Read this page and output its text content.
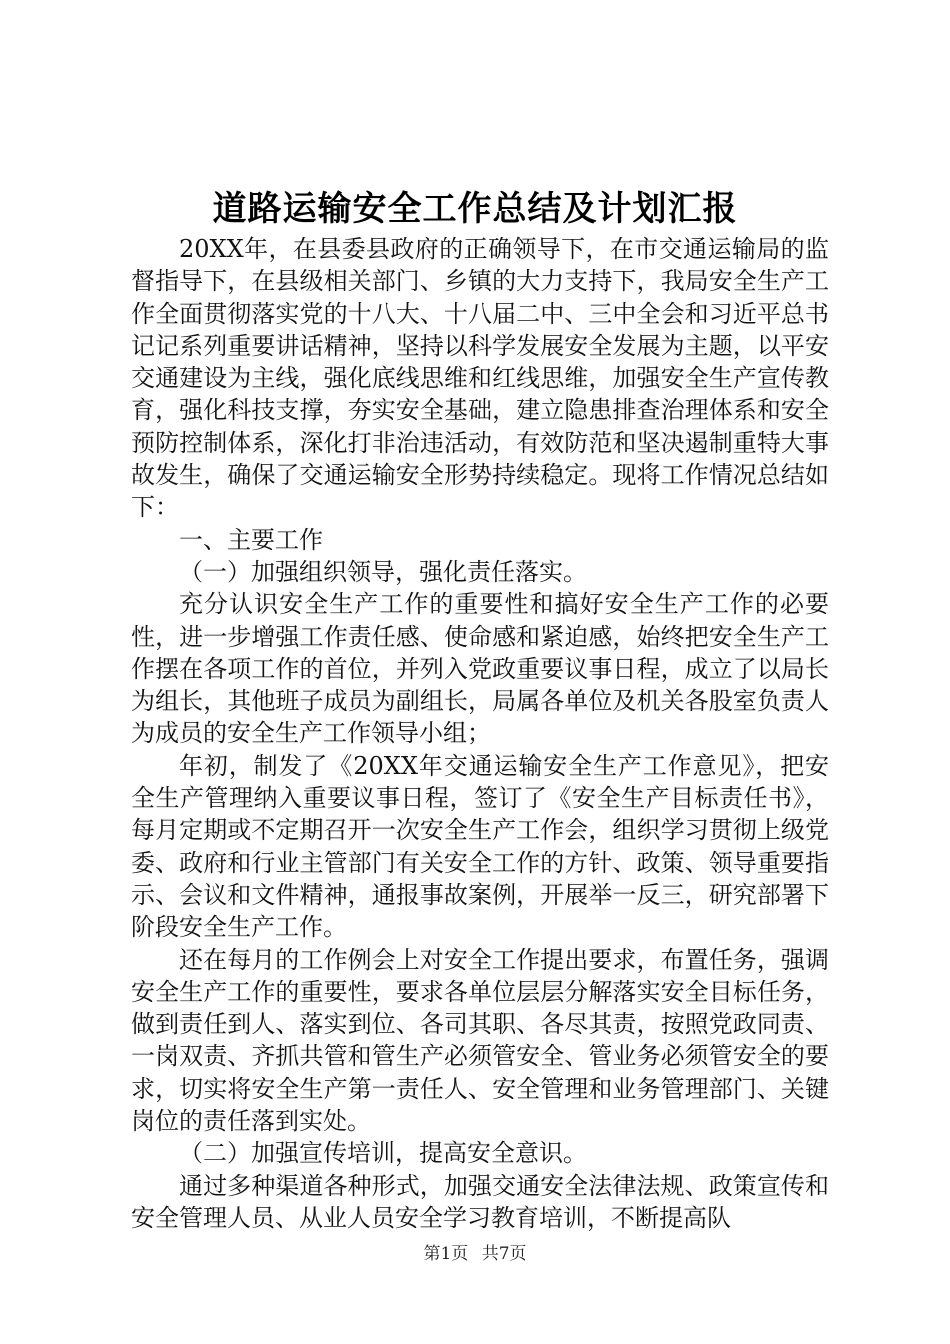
道路运输安全工作总结及计划汇报

20XX年，在县委县政府的正确领导下，在市交通运输局的监督指导下，在县级相关部门、乡镇的大力支持下，我局安全生产工作全面贯彻落实党的十八大、十八届二中、三中全会和习近平总书记记系列重要讲话精神，坚持以科学发展安全发展为主题，以平安交通建设为主线，强化底线思维和红线思维，加强安全生产宣传教育，强化科技支撑，夯实安全基础，建立隐患排查治理体系和安全预防控制体系，深化打非治违活动，有效防范和坚决遏制重特大事故发生，确保了交通运输安全形势持续稳定。现将工作情况总结如下：

一、主要工作

（一）加强组织领导，强化责任落实。

充分认识安全生产工作的重要性和搞好安全生产工作的必要性，进一步增强工作责任感、使命感和紧迫感，始终把安全生产工作摆在各项工作的首位，并列入党政重要议事日程，成立了以局长为组长，其他班子成员为副组长，局属各单位及机关各股室负责人为成员的安全生产工作领导小组；

年初，制发了《20XX年交通运输安全生产工作意见》，把安全生产管理纳入重要议事日程，签订了《安全生产目标责任书》，每月定期或不定期召开一次安全生产工作会，组织学习贯彻上级党委、政府和行业主管部门有关安全工作的方针、政策、领导重要指示、会议和文件精神，通报事故案例，开展举一反三，研究部署下阶段安全生产工作。

还在每月的工作例会上对安全工作提出要求，布置任务，强调安全生产工作的重要性，要求各单位层层分解落实安全目标任务，做到责任到人、落实到位、各司其职、各尽其责，按照党政同责、一岗双责、齐抓共管和管生产必须管安全、管业务必须管安全的要求，切实将安全生产第一责任人、安全管理和业务管理部门、关键岗位的责任落到实处。

（二）加强宣传培训，提高安全意识。

通过多种渠道各种形式，加强交通安全法律法规、政策宣传和安全管理人员、从业人员安全学习教育培训，不断提高队

第1页 共7页
